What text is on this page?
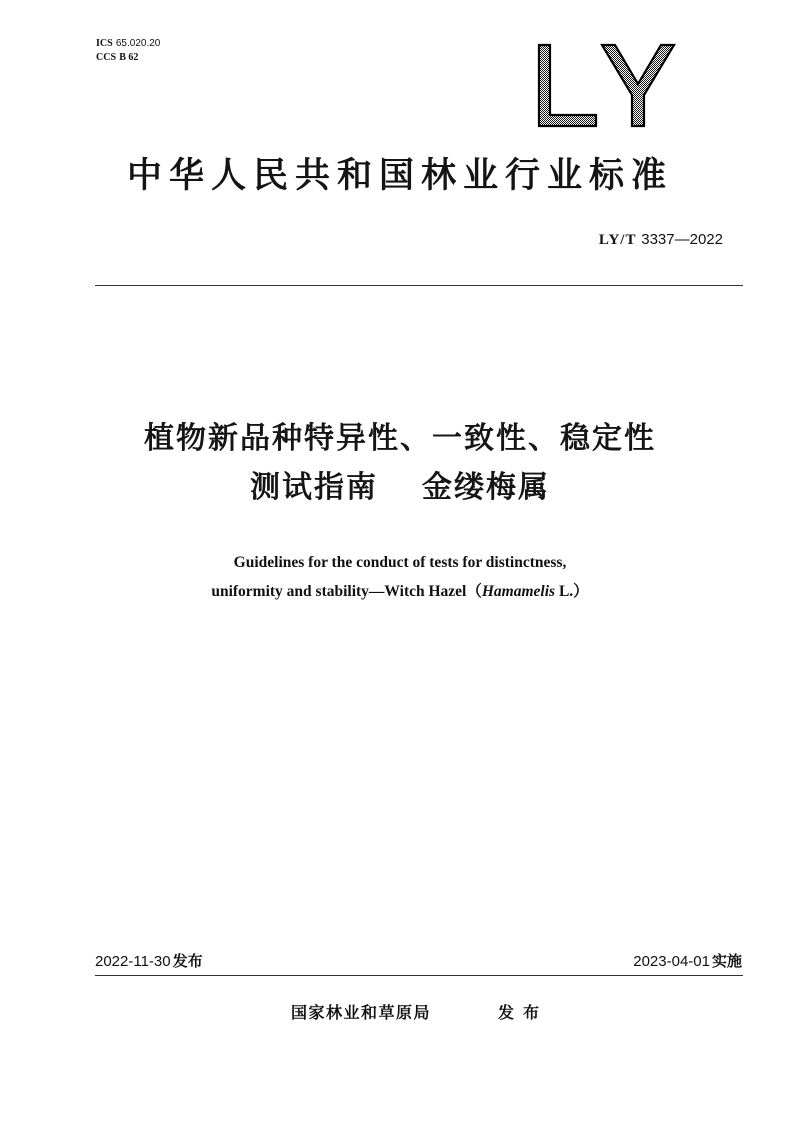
ICS 65.020.20
CCS B 62
中华人民共和国林业行业标准
LY/T 3337—2022
植物新品种特异性、一致性、稳定性
测试指南 金缕梅属
Guidelines for the conduct of tests for distinctness,
uniformity and stability—Witch Hazel（Hamamelis L.）
2022-11-30 发布	2023-04-01 实施
国家林业和草原局	发布
